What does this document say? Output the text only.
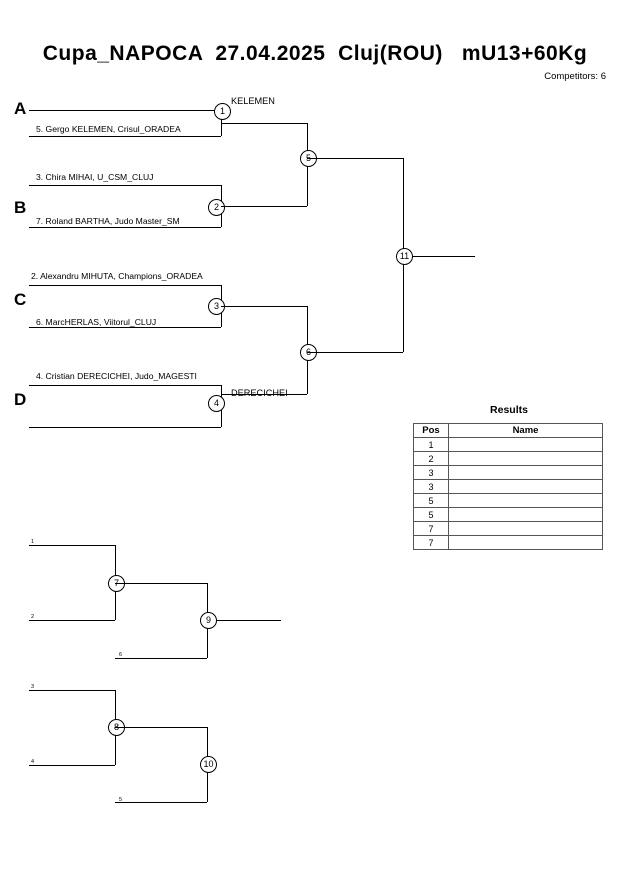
Cupa_NAPOCA  27.04.2025  Cluj(ROU)   mU13+60Kg
Competitors: 6
A
B
C
D
5. Gergo KELEMEN, Crisul_ORADEA
1
KELEMEN
3. Chira MIHAI, U_CSM_CLUJ
7. Roland BARTHA, Judo Master_SM
2
5
2. Alexandru MIHUTA, Champions_ORADEA
6. MarcHERLAS, Viitorul_CLUJ
3
4. Cristian DERECICHEI, Judo_MAGESTI
4
DERECICHEI
6
11
7
1
2	9
6
8
3
4	10
5
Results
Pos	Name
1	
2	
3	
3	
5	
5	
7	
7	
